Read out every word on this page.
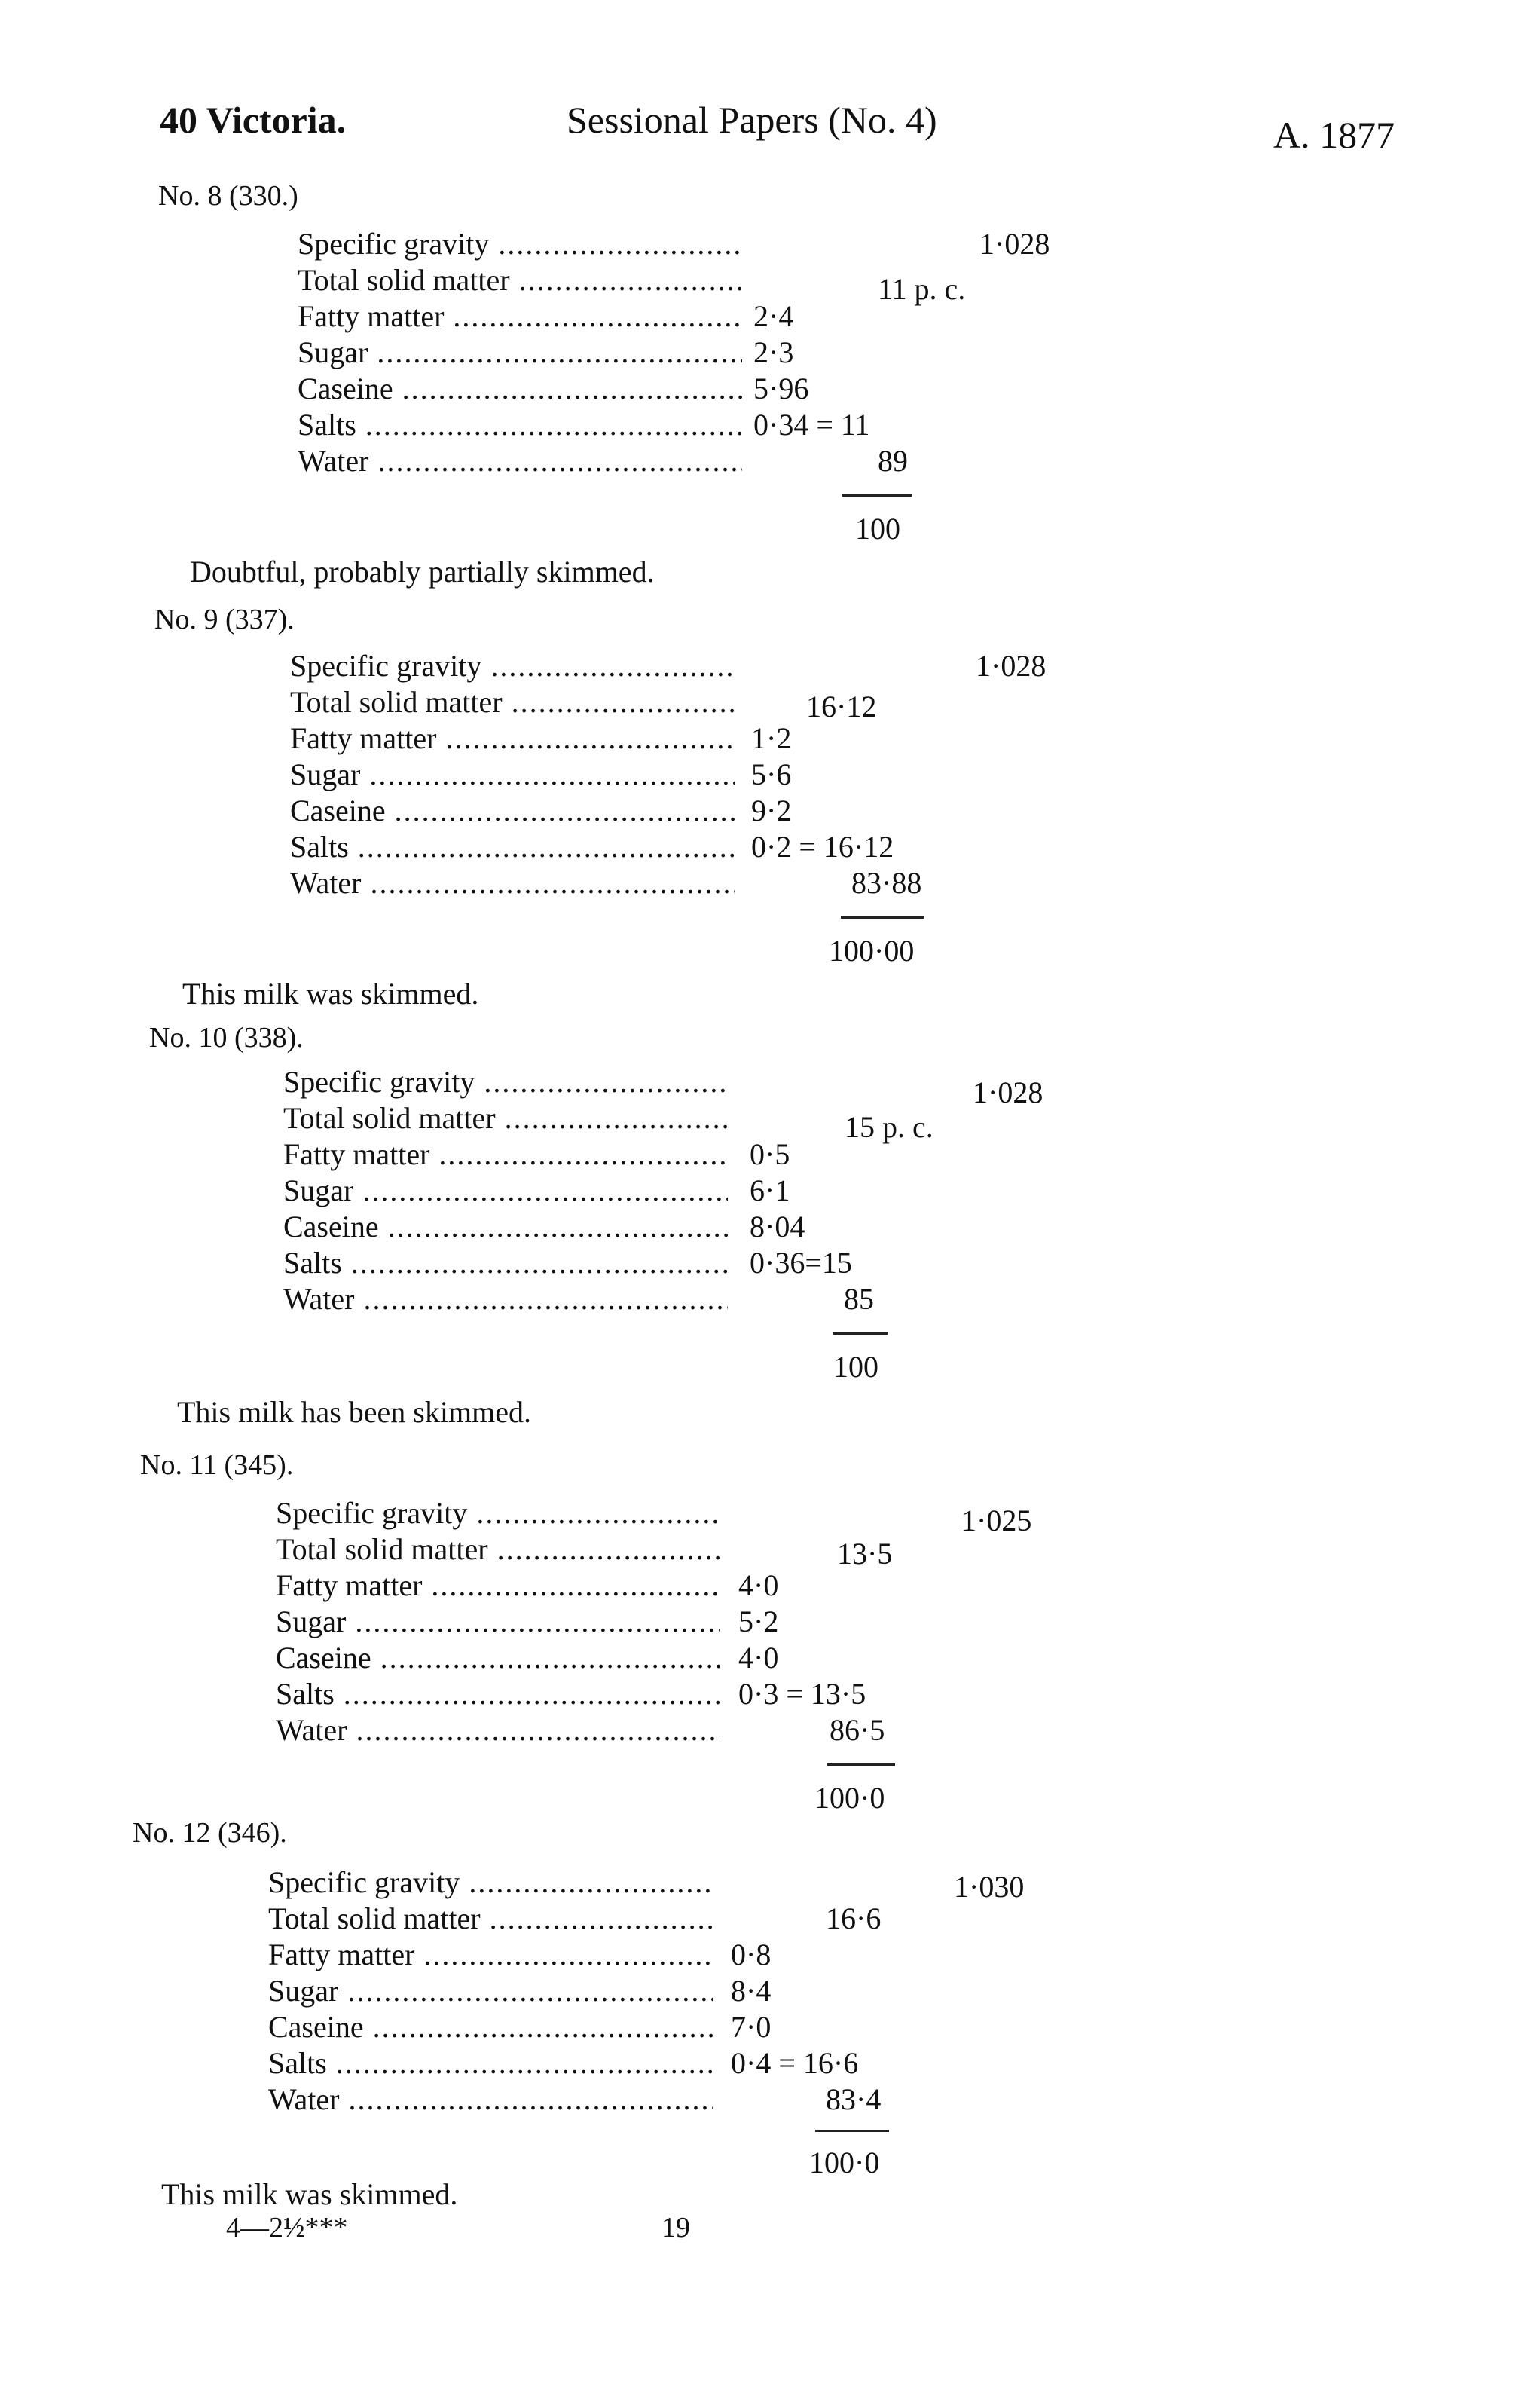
40 Victoria.	Sessional Papers (No. 4)	A. 1877
No. 8 (330.)
Specific gravity .....	1·028
Total solid matter .....	11 p. c.
Fatty matter .....	2·4
Sugar .....	2·3
Caseine .....	5·96
Salts .....	0·34 = 11
Water .....	89
100
Doubtful, probably partially skimmed.
No. 9 (337).
Specific gravity .....	1·028
Total solid matter .....	16·12
Fatty matter .....	1·2
Sugar .....	5·6
Caseine .....	9·2
Salts .....	0·2 = 16·12
Water .....	83·88
100·00
This milk was skimmed.
No. 10 (338).
Specific gravity .....	1·028
Total solid matter .....	15 p. c.
Fatty matter .....	0·5
Sugar .....	6·1
Caseine .....	8·04
Salts .....	0·36=15
Water .....	85
100
This milk has been skimmed.
No. 11 (345).
Specific gravity .....	1·025
Total solid matter .....	13·5
Fatty matter .....	4·0
Sugar .....	5·2
Caseine .....	4·0
Salts .....	0·3 = 13·5
Water .....	86·5
100·0
No. 12 (346).
Specific gravity .....	1·030
Total solid matter .....	16·6
Fatty matter .....	0·8
Sugar .....	8·4
Caseine .....	7·0
Salts .....	0·4 = 16·6
Water .....	83·4
100·0
This milk was skimmed.
4—2½***	19
